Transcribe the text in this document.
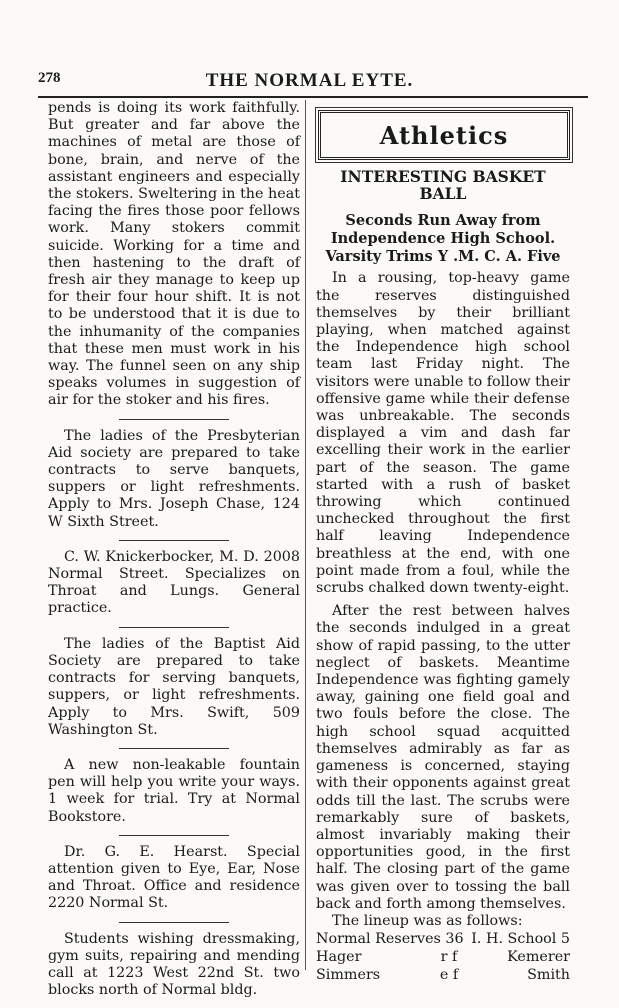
278	THE NORMAL EYTE.

pends is doing its work faithfully. But greater and far above the machines of metal are those of bone, brain, and nerve of the assistant engineers and especially the stokers. Sweltering in the heat facing the fires those poor fellows work. Many stokers commit suicide. Working for a time and then hastening to the draft of fresh air they manage to keep up for their four hour shift. It is not to be understood that it is due to the inhumanity of the companies that these men must work in his way. The funnel seen on any ship speaks volumes in suggestion of air for the stoker and his fires.

The ladies of the Presbyterian Aid society are prepared to take contracts to serve banquets, suppers or light refreshments. Apply to Mrs. Joseph Chase, 124 W Sixth Street.

C. W. Knickerbocker, M. D. 2008 Normal Street. Specializes on Throat and Lungs. General practice.

The ladies of the Baptist Aid Society are prepared to take contracts for serving banquets, suppers, or light refreshments. Apply to Mrs. Swift, 509 Washington St.

A new non-leakable fountain pen will help you write your ways. 1 week for trial. Try at Normal Bookstore.

Dr. G. E. Hearst. Special attention given to Eye, Ear, Nose and Throat. Office and residence 2220 Normal St.

Students wishing dressmaking, gym suits, repairing and mending call at 1223 West 22nd St. two blocks north of Normal bldg.

Athletics
INTERESTING BASKET BALL
Seconds Run Away from Independence High School. Varsity Trims Y .M. C. A. Five

In a rousing, top-heavy game the reserves distinguished themselves by their brilliant playing, when matched against the Independence high school team last Friday night. The visitors were unable to follow their offensive game while their defense was unbreakable. The seconds displayed a vim and dash far excelling their work in the earlier part of the season. The game started with a rush of basket throwing which continued unchecked throughout the first half leaving Independence breathless at the end, with one point made from a foul, while the scrubs chalked down twenty-eight.

After the rest between halves the seconds indulged in a great show of rapid passing, to the utter neglect of baskets. Meantime Independence was fighting gamely away, gaining one field goal and two fouls before the close. The high school squad acquitted themselves admirably as far as gameness is concerned, staying with their opponents against great odds till the last. The scrubs were remarkably sure of baskets, almost invariably making their opportunities good, in the first half. The closing part of the game was given over to tossing the ball back and forth among themselves.

The lineup was as follows:

Normal Reserves 36 I. H. School 5
Hager	r f	Kemerer
Simmers	e f	Smith
